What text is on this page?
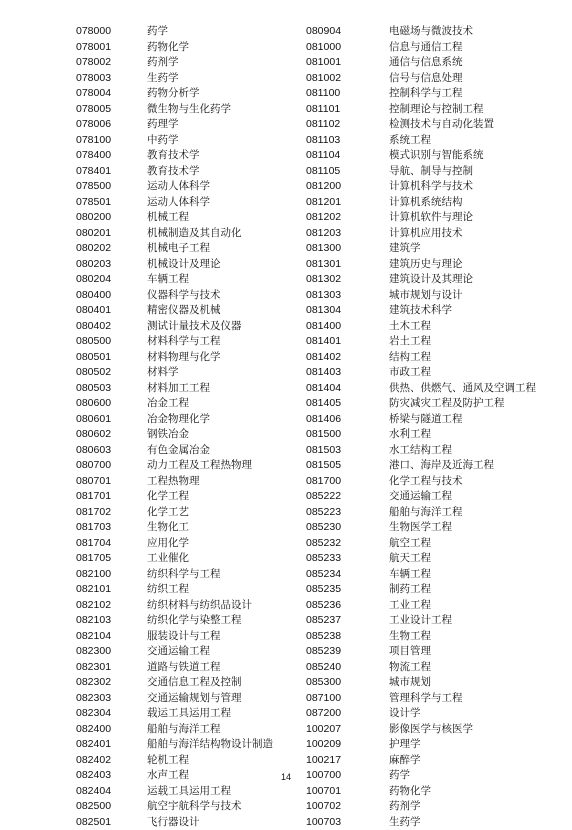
078000	药学	080904	电磁场与微波技术
078001	药物化学	081000	信息与通信工程
078002	药剂学	081001	通信与信息系统
078003	生药学	081002	信号与信息处理
078004	药物分析学	081100	控制科学与工程
078005	微生物与生化药学	081101	控制理论与控制工程
078006	药理学	081102	检测技术与自动化装置
078100	中药学	081103	系统工程
078400	教育技术学	081104	模式识别与智能系统
078401	教育技术学	081105	导航、制导与控制
078500	运动人体科学	081200	计算机科学与技术
078501	运动人体科学	081201	计算机系统结构
080200	机械工程	081202	计算机软件与理论
080201	机械制造及其自动化	081203	计算机应用技术
080202	机械电子工程	081300	建筑学
080203	机械设计及理论	081301	建筑历史与理论
080204	车辆工程	081302	建筑设计及其理论
080400	仪器科学与技术	081303	城市规划与设计
080401	精密仪器及机械	081304	建筑技术科学
080402	测试计量技术及仪器	081400	土木工程
080500	材料科学与工程	081401	岩土工程
080501	材料物理与化学	081402	结构工程
080502	材料学	081403	市政工程
080503	材料加工工程	081404	供热、供燃气、通风及空调工程
080600	冶金工程	081405	防灾减灾工程及防护工程
080601	冶金物理化学	081406	桥梁与隧道工程
080602	钢铁冶金	081500	水利工程
080603	有色金属冶金	081503	水工结构工程
080700	动力工程及工程热物理	081505	港口、海岸及近海工程
080701	工程热物理	081700	化学工程与技术
081701	化学工程	085222	交通运输工程
081702	化学工艺	085223	船舶与海洋工程
081703	生物化工	085230	生物医学工程
081704	应用化学	085232	航空工程
081705	工业催化	085233	航天工程
082100	纺织科学与工程	085234	车辆工程
082101	纺织工程	085235	制药工程
082102	纺织材料与纺织品设计	085236	工业工程
082103	纺织化学与染整工程	085237	工业设计工程
082104	服装设计与工程	085238	生物工程
082300	交通运输工程	085239	项目管理
082301	道路与铁道工程	085240	物流工程
082302	交通信息工程及控制	085300	城市规划
082303	交通运输规划与管理	087100	管理科学与工程
082304	载运工具运用工程	087200	设计学
082400	船舶与海洋工程	100207	影像医学与核医学
082401	船舶与海洋结构物设计制造	100209	护理学
082402	轮机工程	100217	麻醉学
082403	水声工程	100700	药学
082404	运载工具运用工程	100701	药物化学
082500	航空宇航科学与技术	100702	药剂学
082501	飞行器设计	100703	生药学
14
